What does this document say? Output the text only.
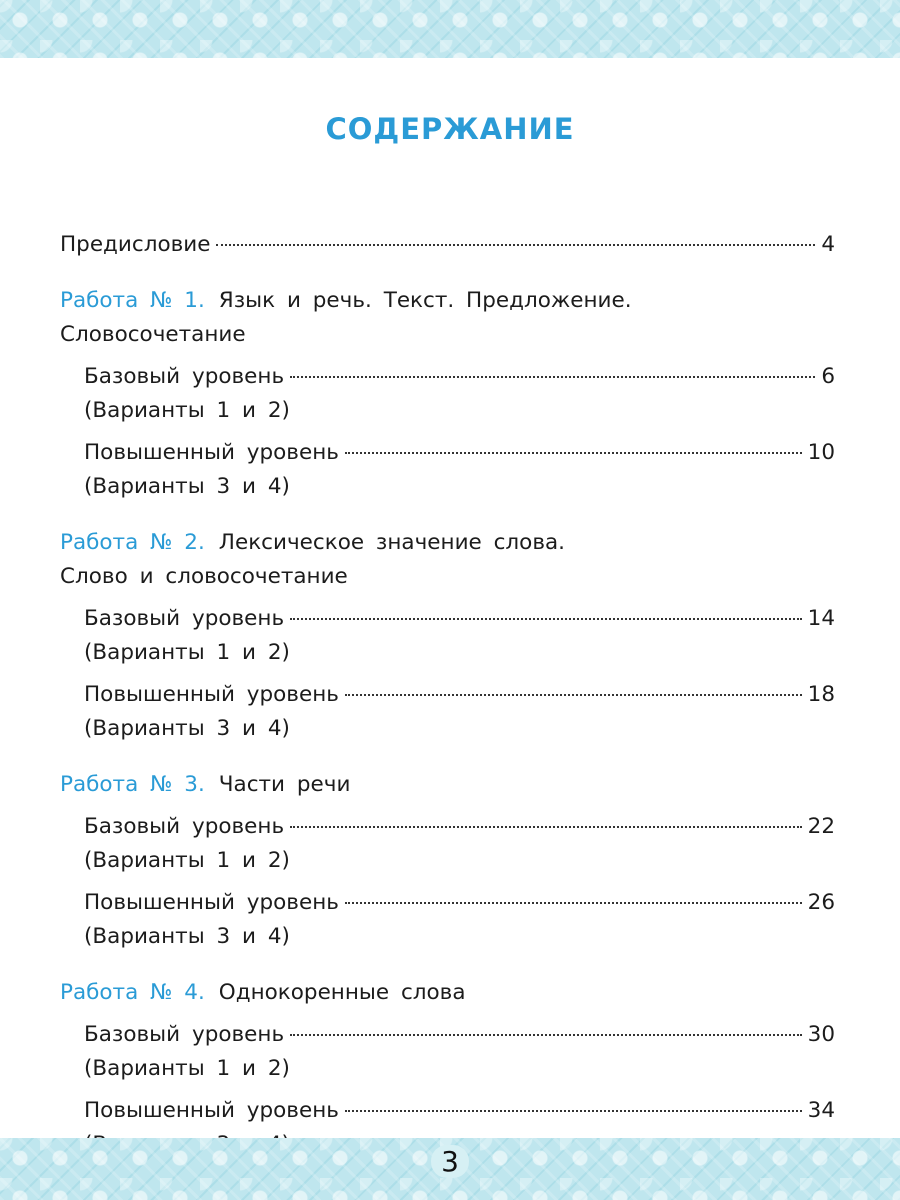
СОДЕРЖАНИЕ
Предисловие	4
Работа № 1. Язык и речь. Текст. Предложение.
Словосочетание
Базовый уровень	6
(Варианты 1 и 2)
Повышенный уровень	10
(Варианты 3 и 4)
Работа № 2. Лексическое значение слова.
Слово и словосочетание
Базовый уровень	14
(Варианты 1 и 2)
Повышенный уровень	18
(Варианты 3 и 4)
Работа № 3. Части речи
Базовый уровень	22
(Варианты 1 и 2)
Повышенный уровень	26
(Варианты 3 и 4)
Работа № 4. Однокоренные слова
Базовый уровень	30
(Варианты 1 и 2)
Повышенный уровень	34
3
